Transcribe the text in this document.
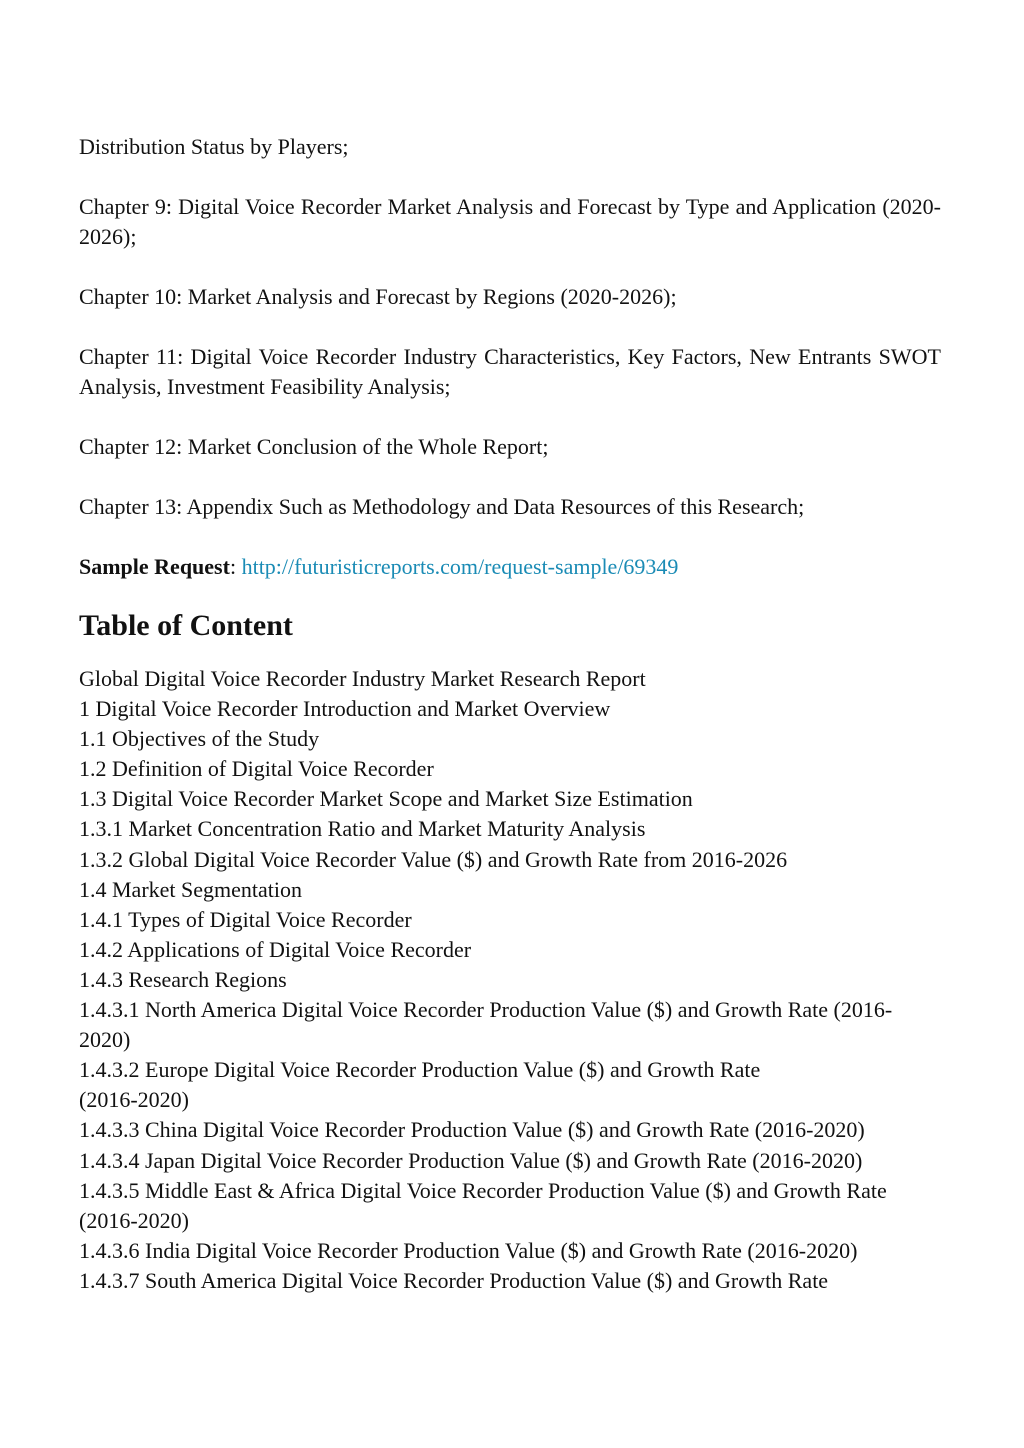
Distribution Status by Players;

Chapter 9: Digital Voice Recorder Market Analysis and Forecast by Type and Application (2020-2026);

Chapter 10: Market Analysis and Forecast by Regions (2020-2026);

Chapter 11: Digital Voice Recorder Industry Characteristics, Key Factors, New Entrants SWOT Analysis, Investment Feasibility Analysis;

Chapter 12: Market Conclusion of the Whole Report;

Chapter 13: Appendix Such as Methodology and Data Resources of this Research;

Sample Request: http://futuristicreports.com/request-sample/69349

Table of Content
Global Digital Voice Recorder Industry Market Research Report
1 Digital Voice Recorder Introduction and Market Overview
1.1 Objectives of the Study
1.2 Definition of Digital Voice Recorder
1.3 Digital Voice Recorder Market Scope and Market Size Estimation
1.3.1 Market Concentration Ratio and Market Maturity Analysis
1.3.2 Global Digital Voice Recorder Value ($) and Growth Rate from 2016-2026
1.4 Market Segmentation
1.4.1 Types of Digital Voice Recorder
1.4.2 Applications of Digital Voice Recorder
1.4.3 Research Regions
1.4.3.1 North America Digital Voice Recorder Production Value ($) and Growth Rate (2016-2020)
1.4.3.2 Europe Digital Voice Recorder Production Value ($) and Growth Rate
(2016-2020)
1.4.3.3 China Digital Voice Recorder Production Value ($) and Growth Rate (2016-2020)
1.4.3.4 Japan Digital Voice Recorder Production Value ($) and Growth Rate (2016-2020)
1.4.3.5 Middle East & Africa Digital Voice Recorder Production Value ($) and Growth Rate (2016-2020)
1.4.3.6 India Digital Voice Recorder Production Value ($) and Growth Rate (2016-2020)
1.4.3.7 South America Digital Voice Recorder Production Value ($) and Growth Rate
